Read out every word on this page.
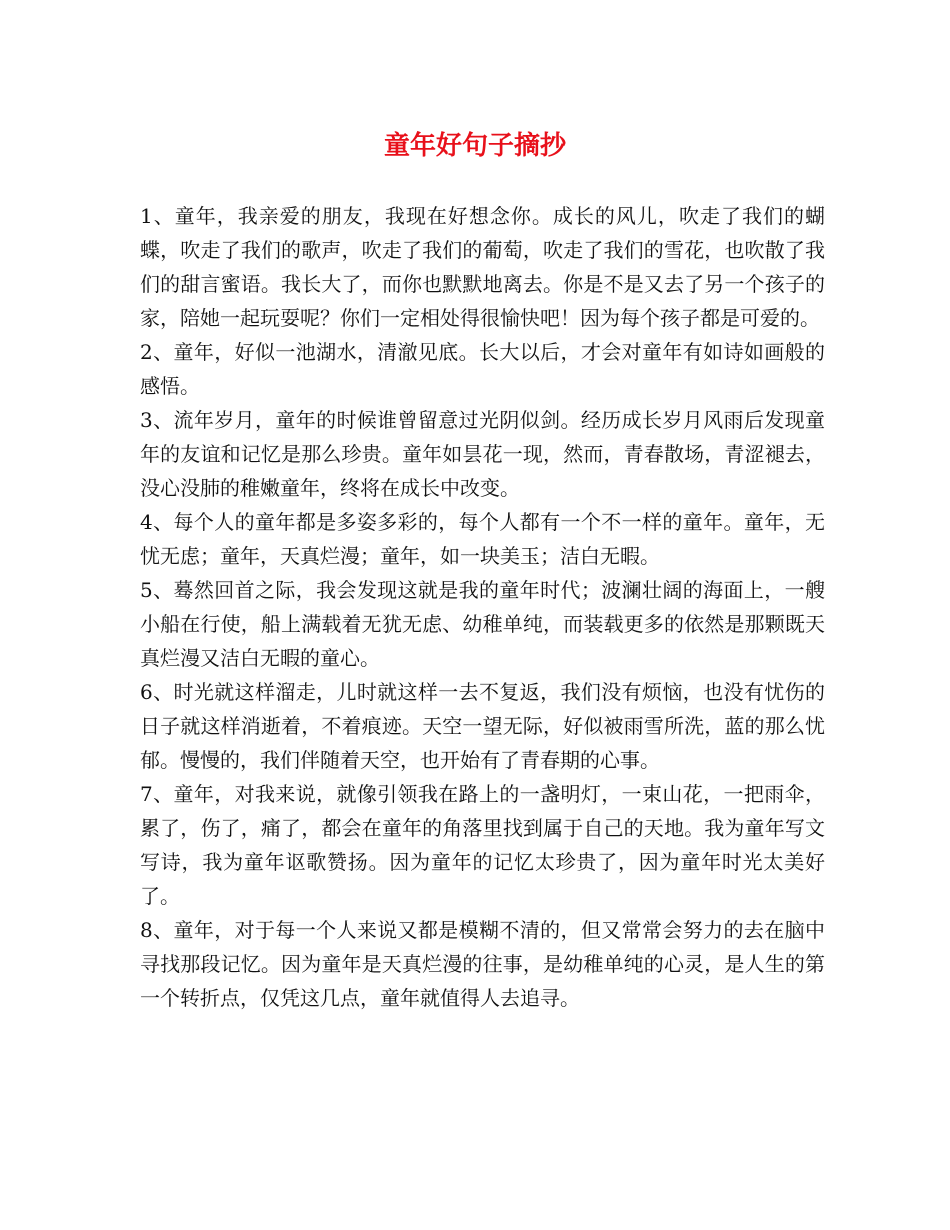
童年好句子摘抄

1、童年，我亲爱的朋友，我现在好想念你。成长的风儿，吹走了我们的蝴蝶，吹走了我们的歌声，吹走了我们的葡萄，吹走了我们的雪花，也吹散了我们的甜言蜜语。我长大了，而你也默默地离去。你是不是又去了另一个孩子的家，陪她一起玩耍呢？你们一定相处得很愉快吧！因为每个孩子都是可爱的。

2、童年，好似一池湖水，清澈见底。长大以后，才会对童年有如诗如画般的感悟。

3、流年岁月，童年的时候谁曾留意过光阴似剑。经历成长岁月风雨后发现童年的友谊和记忆是那么珍贵。童年如昙花一现，然而，青春散场，青涩褪去，没心没肺的稚嫩童年，终将在成长中改变。

4、每个人的童年都是多姿多彩的，每个人都有一个不一样的童年。童年，无忧无虑；童年，天真烂漫；童年，如一块美玉；洁白无暇。

5、蓦然回首之际，我会发现这就是我的童年时代；波澜壮阔的海面上，一艘小船在行使，船上满载着无犹无虑、幼稚单纯，而装载更多的依然是那颗既天真烂漫又洁白无暇的童心。

6、时光就这样溜走，儿时就这样一去不复返，我们没有烦恼，也没有忧伤的日子就这样消逝着，不着痕迹。天空一望无际，好似被雨雪所洗，蓝的那么忧郁。慢慢的，我们伴随着天空，也开始有了青春期的心事。

7、童年，对我来说，就像引领我在路上的一盏明灯，一束山花，一把雨伞，累了，伤了，痛了，都会在童年的角落里找到属于自己的天地。我为童年写文写诗，我为童年讴歌赞扬。因为童年的记忆太珍贵了，因为童年时光太美好了。

8、童年，对于每一个人来说又都是模糊不清的，但又常常会努力的去在脑中寻找那段记忆。因为童年是天真烂漫的往事，是幼稚单纯的心灵，是人生的第一个转折点，仅凭这几点，童年就值得人去追寻。
